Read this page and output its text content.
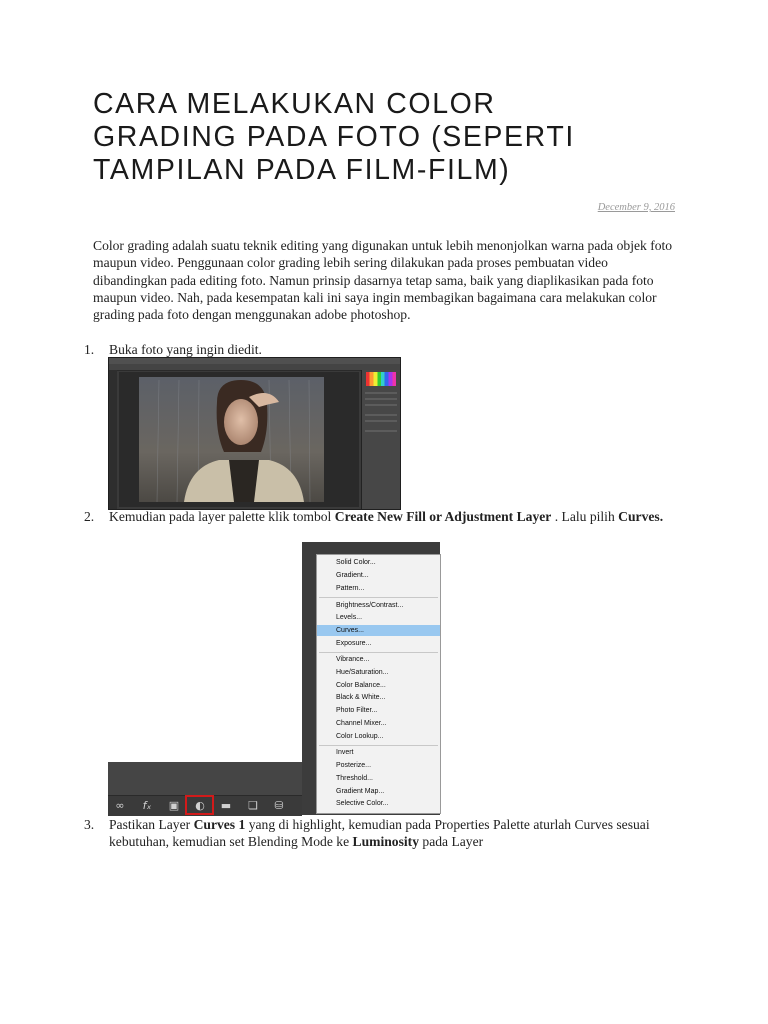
CARA MELAKUKAN COLOR
GRADING PADA FOTO (SEPERTI
TAMPILAN PADA FILM-FILM)
December 9, 2016

Color grading adalah suatu teknik editing yang digunakan untuk lebih menonjolkan warna pada objek foto maupun video. Penggunaan color grading lebih sering dilakukan pada proses pembuatan video dibandingkan pada editing foto. Namun prinsip dasarnya tetap sama, baik yang diaplikasikan pada foto maupun video. Nah, pada kesempatan kali ini saya ingin membagikan bagaimana cara melakukan color grading pada foto dengan menggunakan adobe photoshop.

1. Buka foto yang ingin diedit.
2. Kemudian pada layer palette klik tombol Create New Fill or Adjustment Layer . Lalu pilih Curves.
Solid Color...
Gradient...
Pattern...
Brightness/Contrast...
Levels...
Curves...
Exposure...
Vibrance...
Hue/Saturation...
Color Balance...
Black & White...
Photo Filter...
Channel Mixer...
Color Lookup...
Invert
Posterize...
Threshold...
Gradient Map...
Selective Color...
∞	fₓ	▣ ◐ ▬ ❏	⛁
3. Pastikan Layer Curves 1 yang di highlight, kemudian pada Properties Palette aturlah Curves sesuai kebutuhan, kemudian set Blending Mode ke Luminosity pada Layer
